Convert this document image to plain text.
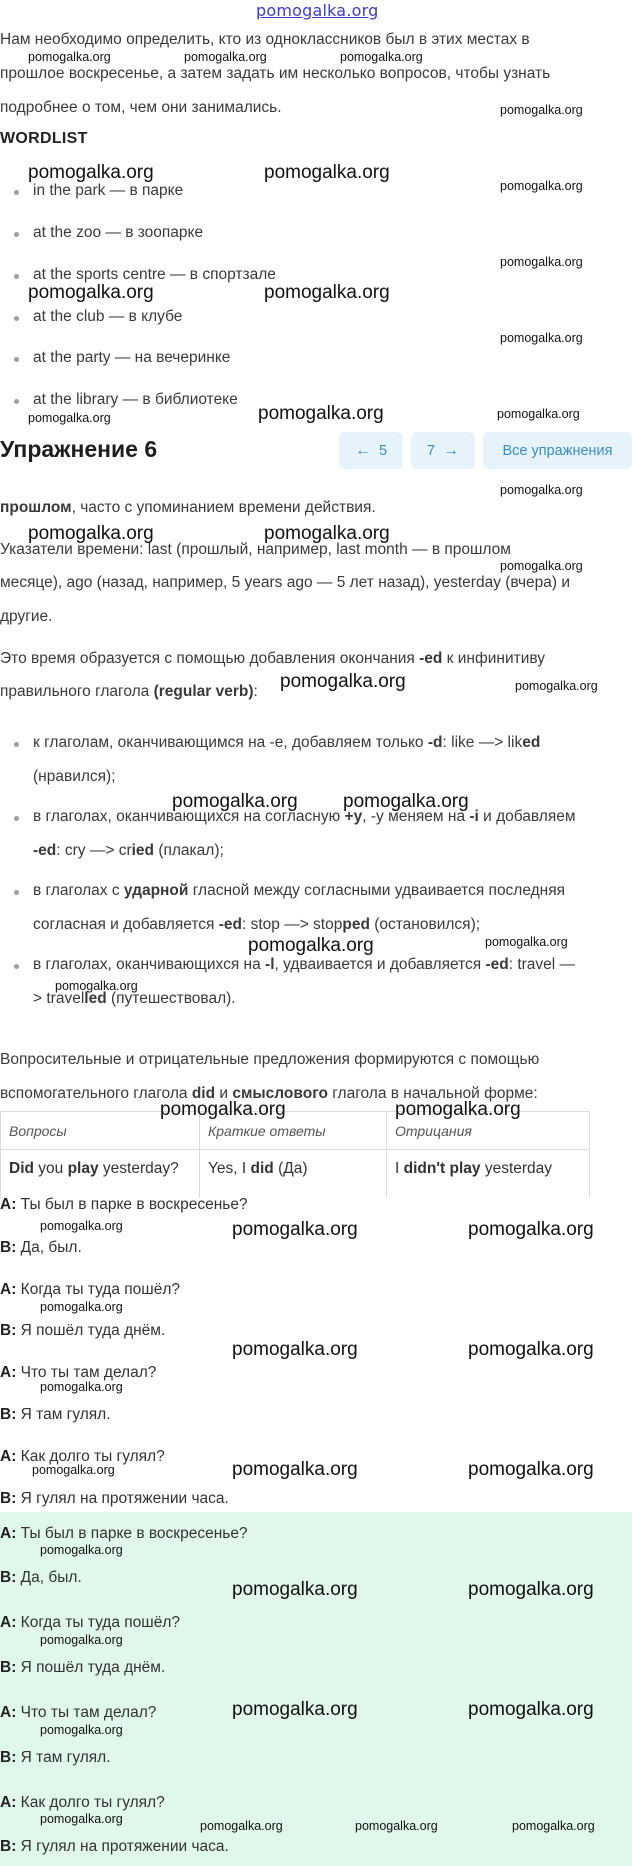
pomogalka.org
Нам необходимо определить, кто из одноклассников был в этих местах в
прошлое воскресенье, а затем задать им несколько вопросов, чтобы узнать
подробнее о том, чем они занимались.
WORDLIST
in the park — в парке
at the zoo — в зоопарке
at the sports centre — в спортзале
at the club — в клубе
at the party — на вечеринке
at the library — в библиотеке
Упражнение 6	← 5	7 →	Все упражнения
прошлом, часто с упоминанием времени действия.
Указатели времени: last (прошлый, например, last month — в прошлом
месяце), ago (назад, например, 5 years ago — 5 лет назад), yesterday (вчера) и
другие.
Это время образуется с помощью добавления окончания -ed к инфинитиву
правильного глагола (regular verb):
к глаголам, оканчивающимся на -е, добавляем только -d: like —> liked
(нравился);
в глаголах, оканчивающихся на согласную +y, -у меняем на -i и добавляем
-ed: cry —> cried (плакал);
в глаголах с ударной гласной между согласными удваивается последняя
согласная и добавляется -ed: stop —> stopped (остановился);
в глаголах, оканчивающихся на -l, удваивается и добавляется -ed: travel —
> travelled (путешествовал).
Вопросительные и отрицательные предложения формируются с помощью
вспомогательного глагола did и смыслового глагола в начальной форме:
Вопросы	Краткие ответы	Отрицания
Did you play yesterday?	Yes, I did (Да)	I didn't play yesterday
A: Ты был в парке в воскресенье?
B: Да, был.
A: Когда ты туда пошёл?
B: Я пошёл туда днём.
A: Что ты там делал?
B: Я там гулял.
A: Как долго ты гулял?
B: Я гулял на протяжении часа.
A: Ты был в парке в воскресенье?
B: Да, был.
A: Когда ты туда пошёл?
B: Я пошёл туда днём.
A: Что ты там делал?
B: Я там гулял.
A: Как долго ты гулял?
B: Я гулял на протяжении часа.
pomogalka.org	pomogalka.org	pomogalka.org
pomogalka.org
pomogalka.org	pomogalka.org
pomogalka.org
pomogalka.org
pomogalka.org	pomogalka.org
pomogalka.org
pomogalka.org	pomogalka.org	pomogalka.org
pomogalka.org
pomogalka.org	pomogalka.org
pomogalka.org
pomogalka.org	pomogalka.org
pomogalka.org pomogalka.org
pomogalka.org	pomogalka.org
pomogalka.org
pomogalka.org	pomogalka.org
pomogalka.org	pomogalka.org	pomogalka.org
pomogalka.org
pomogalka.org	pomogalka.org
pomogalka.org
pomogalka.org	pomogalka.org	pomogalka.org
pomogalka.org
pomogalka.org	pomogalka.org
pomogalka.org
pomogalka.org	pomogalka.org
pomogalka.org
pomogalka.org	pomogalka.org	pomogalka.org	pomogalka.org
